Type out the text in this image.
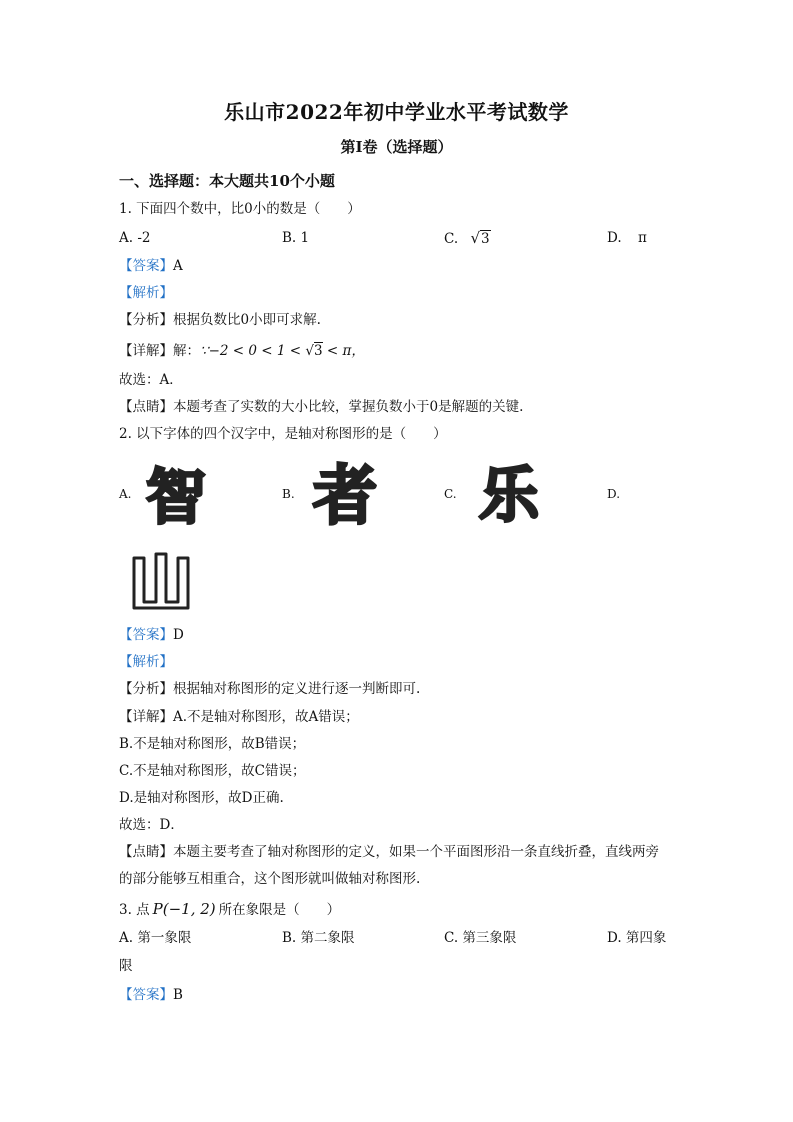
乐山市2022年初中学业水平考试数学
第Ⅰ卷（选择题）
一、选择题：本大题共10个小题
1. 下面四个数中，比0小的数是（　　）
A. -2	B. 1	C. √3	D. π
【答案】A
【解析】
【分析】根据负数比0小即可求解.
【详解】解：∵−2 < 0 < 1 < √3 < π，
故选：A．
【点睛】本题考查了实数的大小比较，掌握负数小于0是解题的关键.
2. 以下字体的四个汉字中，是轴对称图形的是（　　）
A. 智	B. 者	C. 乐	D.
【答案】D
【解析】
【分析】根据轴对称图形的定义进行逐一判断即可.
【详解】A.不是轴对称图形，故A错误；
B.不是轴对称图形，故B错误；
C.不是轴对称图形，故C错误；
D.是轴对称图形，故D正确.
故选：D．
【点睛】本题主要考查了轴对称图形的定义，如果一个平面图形沿一条直线折叠，直线两旁
的部分能够互相重合，这个图形就叫做轴对称图形.
3. 点 P(−1, 2) 所在象限是（　　）
A. 第一象限	B. 第二象限	C. 第三象限	D. 第四象
限
【答案】B
